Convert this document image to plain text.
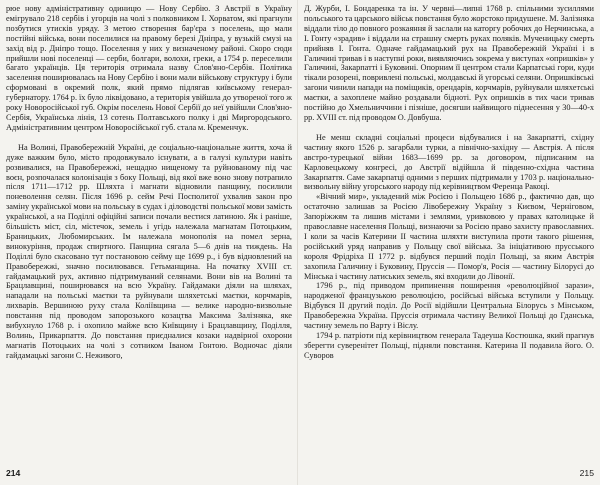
рюе нову адміністративну одиницю — Нову Сербію. З Австрії в Україну емігрувало 218 сербів і угорців на чолі з полковником І. Хорватом, які прагнули позбутися утисків уряду. З метою створення бар'єра з поселень, що мали постійні війська, вони поселилися на правому березі Дніпра, у вузькій смузі на захід від р. Дніпро тощо. Поселення у них у визначеному районі. Скоро сюди прийшли нові поселенці — серби, болгари, волохи, греки, а 1754 р. переселили багато українців. Ця територія отримала назву Слов'яно-Сербія. Політика заселення поширювалась на Нову Сербію і вони мали військову структуру і були сформовані в окремий полк, який прямо підлягав київському генерал-губернатору. 1764 р. їх було ліквідовано, а територія увійшла до утвореної того ж року Новоросійської губ. Окрім поселень Нової Сербії до неї увійшли Слов'яно-Сербія, Українська лінія, 13 сотень Полтавського полку і дві Миргородського. Адміністративним центром Новоросійської губ. стала м. Кременчук.

На Волині, Правобережній Україні, де соціально-національне життя, хоча й дуже важким було, місто продовжувало існувати, а в галузі культури навіть розвивалися, на Правобережжі, нещадно нищеному та руйнованому під час воєн, розпочалася колонізація з боку Польщі, від якої вже воно знову потрапило після 1711—1712 рр. Шляхта і магнати відновили панщину, посилили поневолення селян. Після 1696 р. сейм Речі Посполитої ухвалив закон про заміну української мови на польську в судах і діловодстві польської мови замість української, а на Поділлі офіційні записи почали вестися латиною. Як і раніше, більшість міст, сіл, містечок, земель і угідь належала магнатам Потоцьким, Браницьких, Любомирських. Ім належала монополія на помел зерна, винокуріння, продаж спиртного. Панщина сягала 5—6 днів на тиждень. На Поділлі було скасовано тут постановою сейму ще 1699 р., і був відновлений на Правобережжі, значно посилювався. Гетьманщина. На початку XVIII ст. гайдамацький рух, активно підтримуваний селянами. Вони вів на Волині та Брацлавщині, поширювався на всю Україну. Гайдамаки діяли на шляхах, нападали на польські маєтки та руйнували шляхетські маєтки, корчмарів, лихварів. Вершиною руху стала Коліївщина — велике народно-визвольне повстання під проводом запорозького козацтва Максима Залізняка, яке вибухнуло 1768 р. і охопило майже всю Київщину і Брацлавщину, Поділля, Волинь, Прикарпаття. До повстання приєдналися козаки надвірної охорони магнатів Потоцьких на чолі з сотником Іваном Гонтою. Водночас діяли гайдамацькі загони С. Неживого,

214

Д. Журби, І. Бондаренка та ін. У червні—липні 1768 р. спільними зусиллями польського та царського військ повстання було жорстоко придушене. М. Залізняка віддали тіло до повного розкаяння й заслали на каторгу робочих до Нерчинська, а І. Гонту «зрадив» і віддали на страшну смерть руках поляків. Мученицьку смерть прийняв І. Гонта. Одначе гайдамацький рух на Правобережній Україні і в Галичині тривав і в наступні роки, виявляючись зокрема у виступах «опришків» у Галичині, Закарпатті і Буковині. Опорним її центром стали Карпатські гори, куди тікали розорені, повривлені польські, молдавські й угорські селяни. Опришківські загони чинили напади на поміщиків, орендарів, корчмарів, руйнували шляхетські маєтки, а захоплене майно роздавали біднотi. Рух опришків в тих часи тривав постійно до Хмельниччини і пізніше, досягши найвищого піднесення у 30—40-х рр. XVIII ст. під проводом О. Довбуша.

Не менш складні соціальні процеси відбувалися і на Закарпатті, східну частину якого 1526 р. загарбали турки, а північно-західну — Австрія. А після австро-турецької війни 1683—1699 рр. за договором, підписаним на Карловецькому конгресі, до Австрії відійшла й південно-східна частина Закарпаття. Саме закарпатці одними з перших підтримали у 1703 р. національно-визвольну війну угорського народу під керівництвом Ференца Ракоці.

«Вічний мир», укладений між Росією і Польщею 1686 р., фактично дав, що остаточно залишав за Росією Лівобережну Україну з Києвом, Черніговом, Запоріжжям та лишив містами і землями, уривковою у правах католицьке й православне населення Польщі, визнаючи за Росією право захисту православних. І коли за часів Катерини ІІ частина шляхти виступила проти такого рішення, російський уряд направив у Польщу свої війська. За ініціативою прусського короля Фрідріха ІІ 1772 р. відбувся перший поділ Польщі, за яким Австрія захопила Галичину і Буковину, Пруссія — Помор'я, Росія — частину Білорусі до Мінська і частину латиських земель, які входили до Лівонії.

1796 р., під приводом припинення поширення «революційної зарази», народженої французькою революцією, російські війська вступили у Польщу. Відбувся ІІ другий поділ. До Росії відійшли Центральна Білорусь з Мінськом, Правобережна Україна. Пруссія отримала частину Великої Польщі до Гданська, частину земель по Варту і Віслу.

1794 р. патріоти під керівництвом генерала Тадеуша Костюшка, який прагнув зберегти суверенітет Польщі, підняли повстання. Катерина ІІ подавила його. О. Суворов

215
